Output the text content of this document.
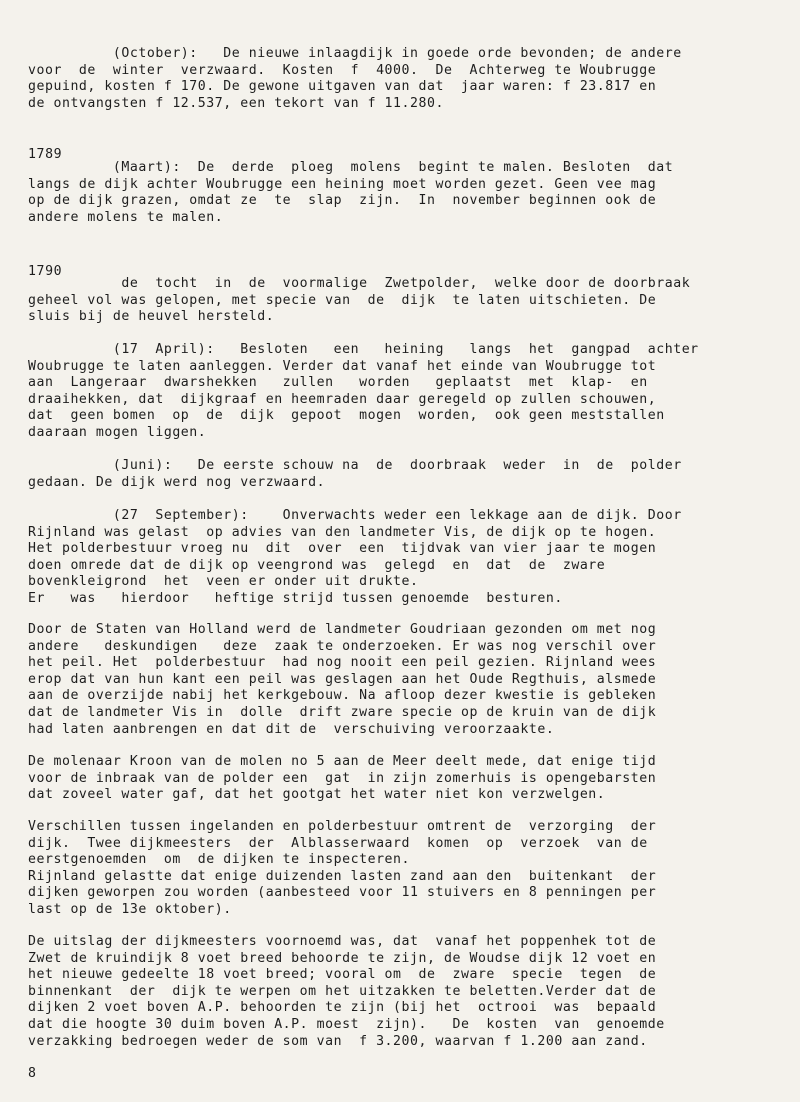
(October):   De nieuwe inlaagdijk in goede orde bevonden; de andere
voor  de  winter  verzwaard.  Kosten  f  4000.  De  Achterweg te Woubrugge
gepuind, kosten f 170. De gewone uitgaven van dat  jaar waren: f 23.817 en
de ontvangsten f 12.537, een tekort van f 11.280.
1789
(Maart):  De  derde  ploeg  molens  begint te malen. Besloten  dat
langs de dijk achter Woubrugge een heining moet worden gezet. Geen vee mag
op de dijk grazen, omdat ze  te  slap  zijn.  In  november beginnen ook de
andere molens te malen.
1790
de  tocht  in  de  voormalige  Zwetpolder,  welke door de doorbraak
geheel vol was gelopen, met specie van  de  dijk  te laten uitschieten. De
sluis bij de heuvel hersteld.
(17  April):   Besloten   een   heining   langs  het  gangpad  achter
Woubrugge te laten aanleggen. Verder dat vanaf het einde van Woubrugge tot
aan  Langeraar  dwarshekken   zullen   worden   geplaatst  met  klap-  en
draaihekken, dat  dijkgraaf en heemraden daar geregeld op zullen schouwen,
dat  geen bomen  op  de  dijk  gepoot  mogen  worden,  ook geen meststallen
daaraan mogen liggen.
(Juni):   De eerste schouw na  de  doorbraak  weder  in  de  polder
gedaan. De dijk werd nog verzwaard.
(27  September):    Onverwachts weder een lekkage aan de dijk. Door
Rijnland was gelast  op advies van den landmeter Vis, de dijk op te hogen.
Het polderbestuur vroeg nu  dit  over  een  tijdvak van vier jaar te mogen
doen omrede dat de dijk op veengrond was  gelegd  en  dat  de  zware
bovenkleigrond  het  veen er onder uit drukte.
Er   was   hierdoor   heftige strijd tussen genoemde  besturen.
Door de Staten van Holland werd de landmeter Goudriaan gezonden om met nog
andere   deskundigen   deze  zaak te onderzoeken. Er was nog verschil over
het peil. Het  polderbestuur  had nog nooit een peil gezien. Rijnland wees
erop dat van hun kant een peil was geslagen aan het Oude Regthuis, alsmede
aan de overzijde nabij het kerkgebouw. Na afloop dezer kwestie is gebleken
dat de landmeter Vis in  dolle  drift zware specie op de kruin van de dijk
had laten aanbrengen en dat dit de  verschuiving veroorzaakte.
De molenaar Kroon van de molen no 5 aan de Meer deelt mede, dat enige tijd
voor de inbraak van de polder een  gat  in zijn zomerhuis is opengebarsten
dat zoveel water gaf, dat het gootgat het water niet kon verzwelgen.
Verschillen tussen ingelanden en polderbestuur omtrent de  verzorging  der
dijk.  Twee dijkmeesters  der  Alblasserwaard  komen  op  verzoek  van de
eerstgenoemden  om  de dijken te inspecteren.
Rijnland gelastte dat enige duizenden lasten zand aan den  buitenkant  der
dijken geworpen zou worden (aanbesteed voor 11 stuivers en 8 penningen per
last op de 13e oktober).
De uitslag der dijkmeesters voornoemd was, dat  vanaf het poppenhek tot de
Zwet de kruindijk 8 voet breed behoorde te zijn, de Woudse dijk 12 voet en
het nieuwe gedeelte 18 voet breed; vooral om  de  zware  specie  tegen  de
binnenkant  der  dijk te werpen om het uitzakken te beletten.Verder dat de
dijken 2 voet boven A.P. behoorden te zijn (bij het  octrooi  was  bepaald
dat die hoogte 30 duim boven A.P. moest  zijn).   De  kosten  van  genoemde
verzakking bedroegen weder de som van  f 3.200, waarvan f 1.200 aan zand.
8
